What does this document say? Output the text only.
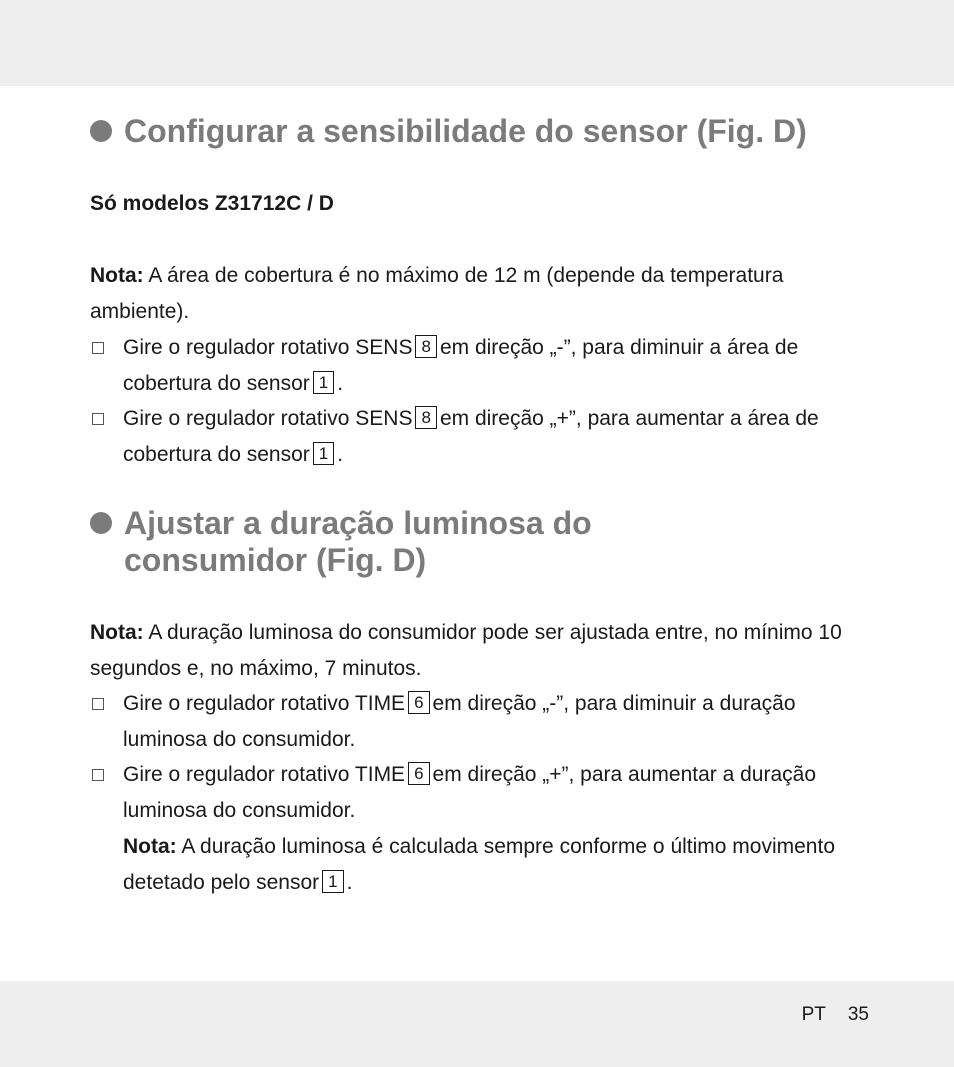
Configurar a sensibilidade do sensor (Fig. D)

Só modelos Z31712C / D

Nota: A área de cobertura é no máximo de 12 m (depende da temperatura ambiente).

Gire o regulador rotativo SENS 8 em direção „-”, para diminuir a área de cobertura do sensor 1 .
Gire o regulador rotativo SENS 8 em direção „+”, para aumentar a área de cobertura do sensor 1 .
Ajustar a duração luminosa do
consumidor (Fig. D)

Nota: A duração luminosa do consumidor pode ser ajustada entre, no mínimo 10 segundos e, no máximo, 7 minutos.

Gire o regulador rotativo TIME 6 em direção „-”, para diminuir a duração luminosa do consumidor.
Gire o regulador rotativo TIME 6 em direção „+”, para aumentar a duração luminosa do consumidor.
Nota: A duração luminosa é calculada sempre conforme o último movimento detetado pelo sensor 1 .
PT 35
